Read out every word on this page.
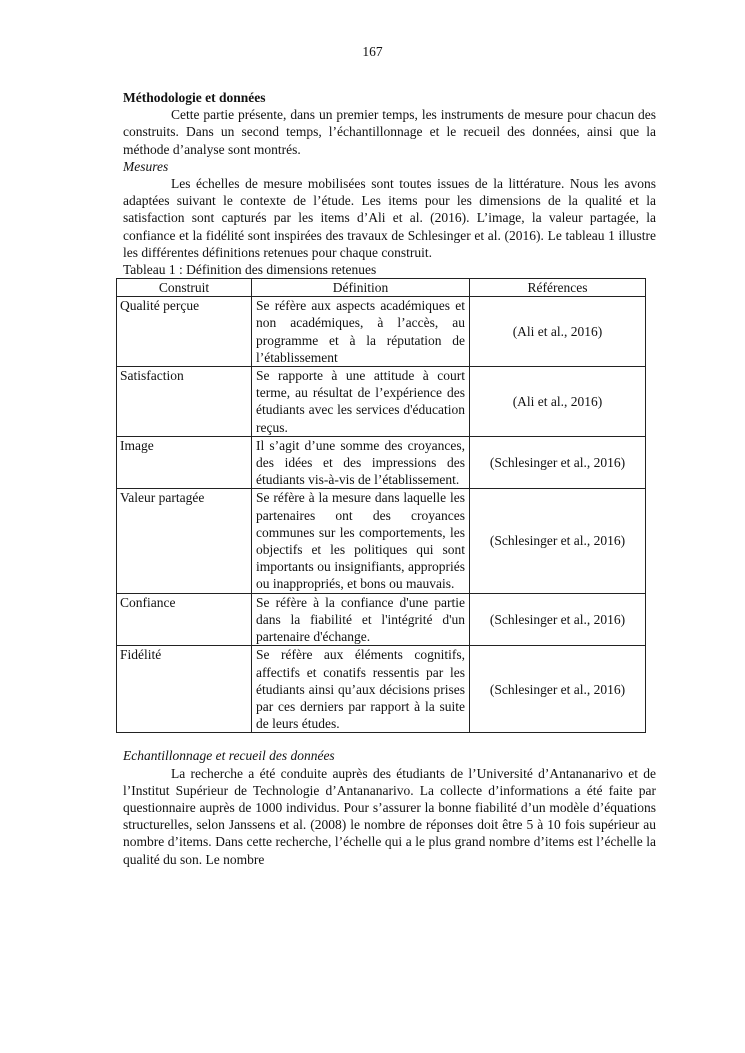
167

Méthodologie et données

Cette partie présente, dans un premier temps, les instruments de mesure pour chacun des construits. Dans un second temps, l’échantillonnage et le recueil des données, ainsi que la méthode d’analyse sont montrés.

Mesures

Les échelles de mesure mobilisées sont toutes issues de la littérature. Nous les avons adaptées suivant le contexte de l’étude. Les items pour les dimensions de la qualité et la satisfaction sont capturés par les items d’Ali et al. (2016). L’image, la valeur partagée, la confiance et la fidélité sont inspirées des travaux de Schlesinger et al. (2016). Le tableau 1 illustre les différentes définitions retenues pour chaque construit.

Tableau 1 : Définition des dimensions retenues

Construit	Définition	Références
Qualité perçue	Se réfère aux aspects académiques et non académiques, à l’accès, au programme et à la réputation de l’établissement	(Ali et al., 2016)
Satisfaction	Se rapporte à une attitude à court terme, au résultat de l’expérience des étudiants avec les services d'éducation reçus.	(Ali et al., 2016)
Image	Il s’agit d’une somme des croyances, des idées et des impressions des étudiants vis-à-vis de l’établissement.	(Schlesinger et al., 2016)
Valeur partagée	Se réfère à la mesure dans laquelle les partenaires ont des croyances communes sur les comportements, les objectifs et les politiques qui sont importants ou insignifiants, appropriés ou inappropriés, et bons ou mauvais.	(Schlesinger et al., 2016)
Confiance	Se réfère à la confiance d'une partie dans la fiabilité et l'intégrité d'un partenaire d'échange.	(Schlesinger et al., 2016)
Fidélité	Se réfère aux éléments cognitifs, affectifs et conatifs ressentis par les étudiants ainsi qu’aux décisions prises par ces derniers par rapport à la suite de leurs études.	(Schlesinger et al., 2016)

Echantillonnage et recueil des données

La recherche a été conduite auprès des étudiants de l’Université d’Antananarivo et de l’Institut Supérieur de Technologie d’Antananarivo. La collecte d’informations a été faite par questionnaire auprès de 1000 individus. Pour s’assurer la bonne fiabilité d’un modèle d’équations structurelles, selon Janssens et al. (2008) le nombre de réponses doit être 5 à 10 fois supérieur au nombre d’items. Dans cette recherche, l’échelle qui a le plus grand nombre d’items est l’échelle la qualité du son. Le nombre
